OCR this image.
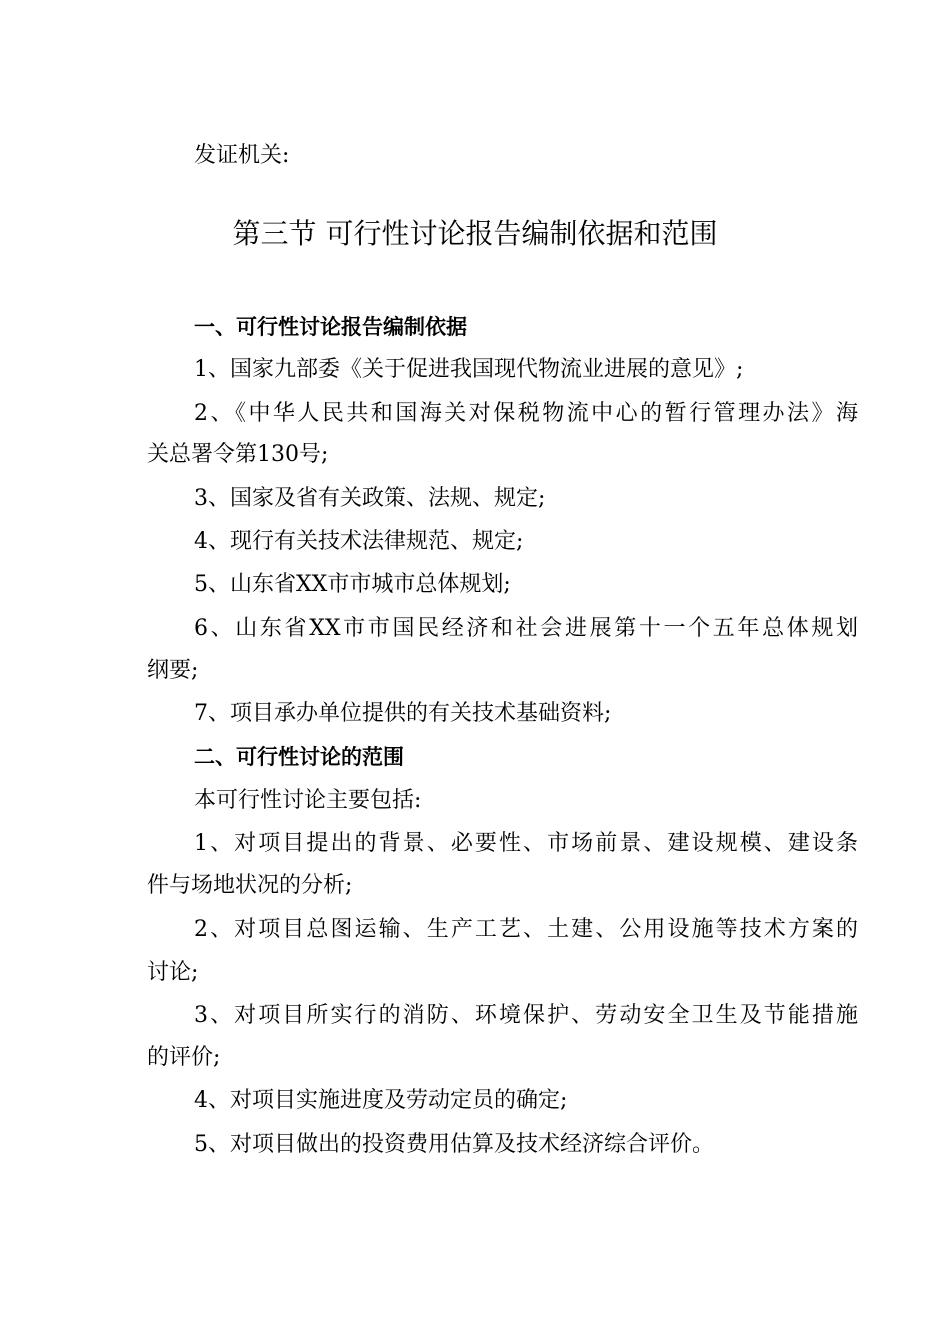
发证机关:
第三节 可行性讨论报告编制依据和范围
一、可行性讨论报告编制依据
1、国家九部委《关于促进我国现代物流业进展的意见》;
2、《中华人民共和国海关对保税物流中心的暂行管理办法》海
关总署令第130号;
3、国家及省有关政策、法规、规定;
4、现行有关技术法律规范、规定;
5、山东省XX市市城市总体规划;
6、山东省XX市市国民经济和社会进展第十一个五年总体规划
纲要;
7、项目承办单位提供的有关技术基础资料;
二、可行性讨论的范围
本可行性讨论主要包括:
1、对项目提出的背景、必要性、市场前景、建设规模、建设条
件与场地状况的分析;
2、对项目总图运输、生产工艺、土建、公用设施等技术方案的
讨论;
3、对项目所实行的消防、环境保护、劳动安全卫生及节能措施
的评价;
4、对项目实施进度及劳动定员的确定;
5、对项目做出的投资费用估算及技术经济综合评价。
